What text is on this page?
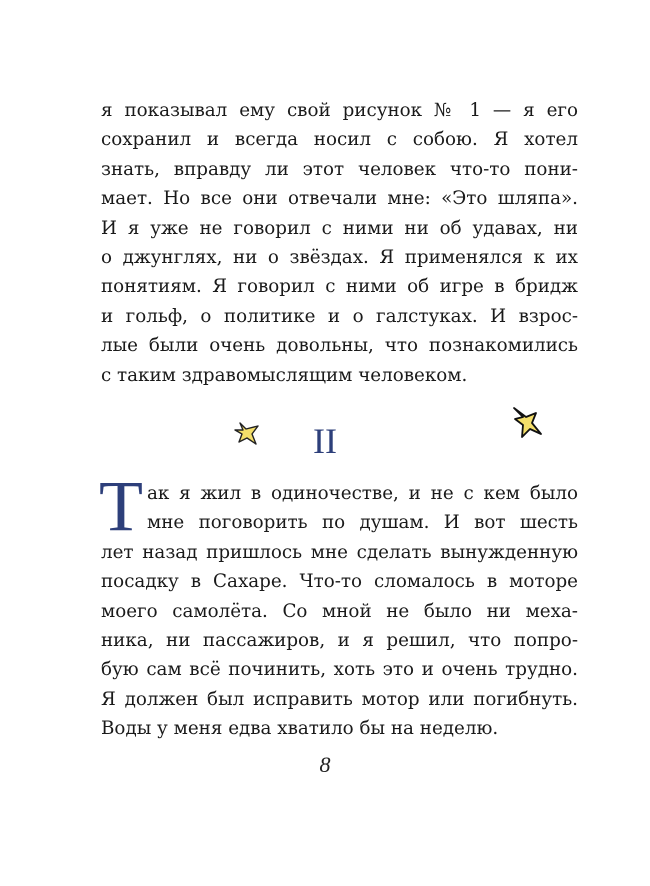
я показывал ему свой рисунок № 1 — я его
сохранил и всегда носил с собою. Я хотел
знать, вправду ли этот человек что-то пони-
мает. Но все они отвечали мне: «Это шляпа».
И я уже не говорил с ними ни об удавах, ни
о джунглях, ни о звёздах. Я применялся к их
понятиям. Я говорил с ними об игре в бридж
и гольф, о политике и о галстуках. И взрос-
лые были очень довольны, что познакомились
с таким здравомыслящим человеком.
II
Т ак я жил в одиночестве, и не с кем было
мне поговорить по душам. И вот шесть
лет назад пришлось мне сделать вынужденную
посадку в Сахаре. Что-то сломалось в моторе
моего самолёта. Со мной не было ни меха-
ника, ни пассажиров, и я решил, что попро-
бую сам всё починить, хоть это и очень трудно.
Я должен был исправить мотор или погибнуть.
Воды у меня едва хватило бы на неделю.
8
